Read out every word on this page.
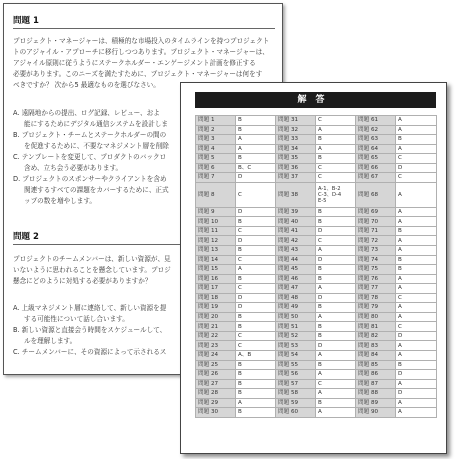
問題 1
プロジェクト・マネージャーは、積極的な市場投入のタイムラインを持つプロジェクト
トのアジャイル・アプローチに移行しつつあります。プロジェクト・マネージャーは、
アジャイル原則に従うようにステークホルダー・エンゲージメント計画を修正する
必要があります。このニーズを満たすために、プロジェクト・マネージャーは何をす
べきですか？ 次から5 最適なものを選びなさい。
A. 遠隔地からの提出、ログ記録、レビュー、およ
能にするためにデジタル通信システムを設計しま
B. プロジェクト・チームとステークホルダーの間の
を促進するために、不要なマネジメント層を削除
C. テンプレートを変更して、プロダクトのバックロ
含め、立ち会う必要があります。
D. プロジェクトのスポンサーやクライアントを含め
関連するすべての課題をカバーするために、正式
ップの数を増やします。
問題 2
プロジェクトのチームメンバーは、新しい資源が、見
いないように思われることを懸念しています。プロジ
懸念にどのように対処する必要がありますか？
A. 上級マネジメント層に連絡して、新しい資源を提
する可能性について話し合います。
B. 新しい資源と直接会う時間をスケジュールして、
ルを理解します。
C. チームメンバーに、その資源によって示されるス
解答
問題 1	B	問題 31	C	問題 61	A
問題 2	B	問題 32	A	問題 62	A
問題 3	A	問題 33	B	問題 63	B
問題 4	A	問題 34	A	問題 64	A
問題 5	B	問題 35	B	問題 65	C
問題 6	B、C	問題 36	C	問題 66	D
問題 7	D	問題 37	C	問題 67	C
問題 8	C	問題 38	A-1、B-2
C-3、D-4
E-5	問題 68	A
問題 9	D	問題 39	B	問題 69	A
問題 10	B	問題 40	B	問題 70	A
問題 11	C	問題 41	D	問題 71	B
問題 12	D	問題 42	C	問題 72	A
問題 13	B	問題 43	A	問題 73	A
問題 14	C	問題 44	D	問題 74	B
問題 15	A	問題 45	B	問題 75	B
問題 16	B	問題 46	B	問題 76	A
問題 17	C	問題 47	A	問題 77	A
問題 18	D	問題 48	D	問題 78	C
問題 19	D	問題 49	B	問題 79	A
問題 20	B	問題 50	A	問題 80	A
問題 21	B	問題 51	B	問題 81	C
問題 22	C	問題 52	B	問題 82	D
問題 23	C	問題 53	D	問題 83	A
問題 24	A、B	問題 54	A	問題 84	A
問題 25	B	問題 55	B	問題 85	B
問題 26	B	問題 56	A	問題 86	D
問題 27	B	問題 57	C	問題 87	A
問題 28	B	問題 58	A	問題 88	D
問題 29	A	問題 59	B	問題 89	A
問題 30	B	問題 60	A	問題 90	A
